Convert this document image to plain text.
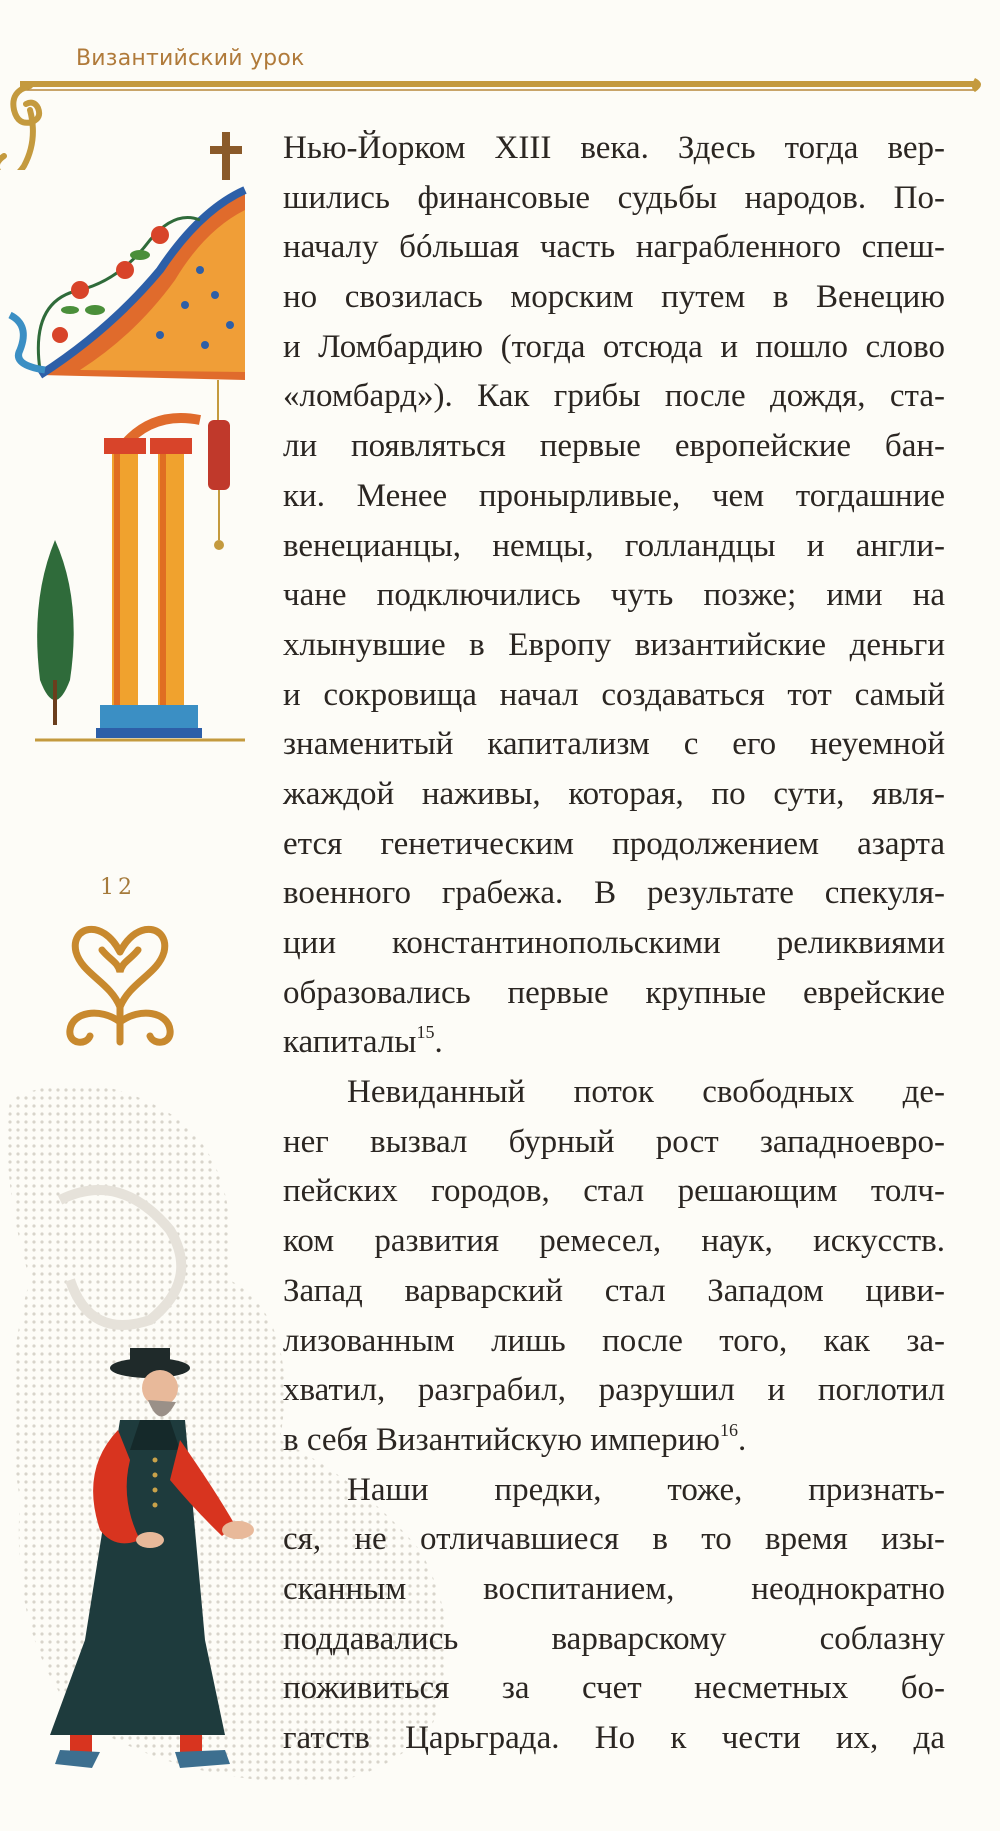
Византийский урок
12
Нью-Йорком XIII века. Здесь тогда вер-
шились финансовые судьбы народов. По-
началу бóльшая часть награбленного спеш-
но свозилась морским путем в Венецию
и Ломбардию (тогда отсюда и пошло слово
«ломбард»). Как грибы после дождя, ста-
ли появляться первые европейские бан-
ки. Менее пронырливые, чем тогдашние
венецианцы, немцы, голландцы и англи-
чане подключились чуть позже; ими на
хлынувшие в Европу византийские деньги
и сокровища начал создаваться тот самый
знаменитый капитализм с его неуемной
жаждой наживы, которая, по сути, явля-
ется генетическим продолжением азарта
военного грабежа. В результате спекуля-
ции константинопольскими реликвиями
образовались первые крупные еврейские
капиталы$^{15}$.
Невиданный поток свободных де-
нег вызвал бурный рост западноевро-
пейских городов, стал решающим толч-
ком развития ремесел, наук, искусств.
Запад варварский стал Западом циви-
лизованным лишь после того, как за-
хватил, разграбил, разрушил и поглотил
в себя Византийскую империю$^{16}$.
Наши предки, тоже, признать-
ся, не отличавшиеся в то время изы-
сканным воспитанием, неоднократно
поддавались варварскому соблазну
поживиться за счет несметных бо-
гатств Царьграда. Но к чести их, да
